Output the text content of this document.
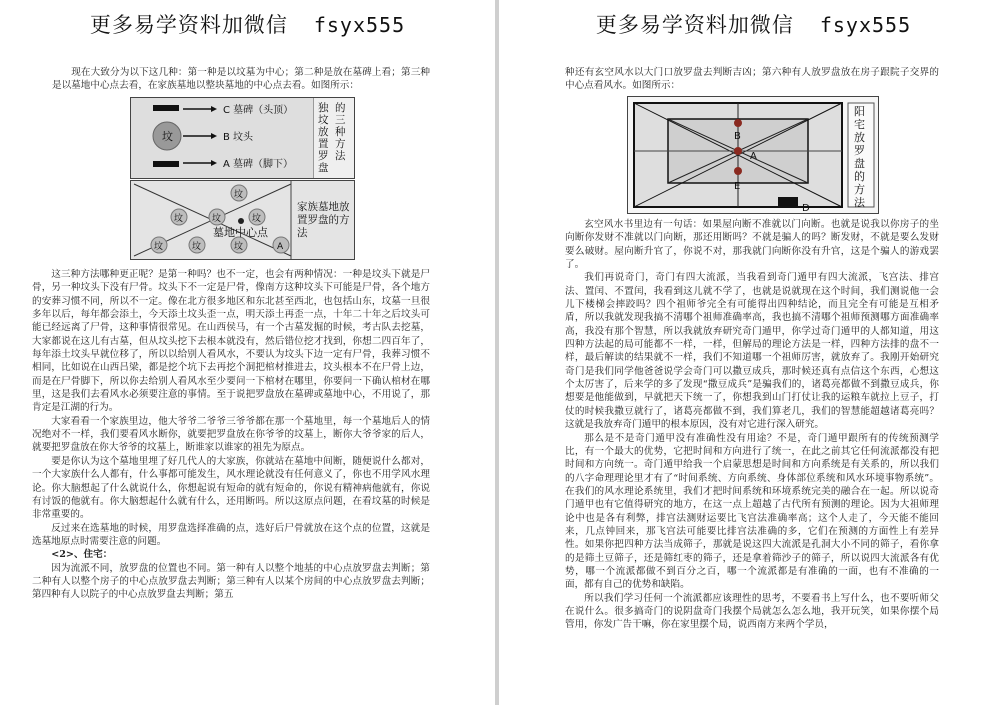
更多易学资料加微信 fsyx555

现在大致分为以下这几种：第一种是以坟墓为中心；第二种是放在墓碑上看；第三种是以墓地中心点去看，在家族墓地以整块墓地的中心点去看。如图所示：

坟
C 墓碑（头顶）
B 坟头
A 墓碑（脚下）
独坟放置罗盘
的三种方法
坟
坟	坟	坟
坟	坟	坟	A
墓地中心点
家族墓地放置罗盘的方法

这三种方法哪种更正呢？是第一种吗？也不一定，也会有两种情况：一种是坟头下就是尸骨，另一种坟头下没有尸骨。坟头下不一定是尸骨，像南方这种坟头下可能是尸骨，各个地方的安葬习惯不同，所以不一定。像在北方很多地区和东北甚至西北，也包括山东，坟墓一旦很多年以后，每年都会添土，今天添土坟头歪一点，明天添土再歪一点，十年二十年之后坟头可能已经远离了尸骨，这种事情很常见。在山西侯马，有一个古墓发掘的时候，考古队去挖墓，大家都说在这儿有古墓，但从坟头挖下去根本就没有，然后错位挖才找到，你想二四百年了，每年添土坟头早就位移了，所以以给别人看风水，不要认为坟头下边一定有尸骨，我葬习惯不相同，比如说在山西吕梁，都是挖个坑下去再挖个洞把棺材推进去，坟头根本不在尸骨上边，而是在尸骨脚下，所以你去给别人看风水至少要问一下棺材在哪里，你要问一下确认棺材在哪里，这是我们去看风水必须要注意的事情。至于说把罗盘放在墓碑或墓地中心，不用说了，那肯定是江湖的行为。

大家看看一个家族里边，他大爷爷二爷爷三爷爷都在那一个墓地里，每一个墓地后人的情况绝对不一样，我们要看风水断你，就要把罗盘放在你爷爷的坟墓上，断你大爷爷家的后人，就要把罗盘放在你大爷爷的坟墓上，断谁家以谁家的祖先为原点。

要是你认为这个墓地里埋了好几代人的大家族，你就站在墓地中间断，随便说什么都对，一个大家族什么人都有，什么事都可能发生，风水理论就没有任何意义了，你也不用学风水理论。你大脑想起了什么就说什么，你想起说有短命的就有短命的，你说有精神病他就有，你说有讨饭的他就有。你大脑想起什么就有什么，还用断吗。所以这原点问题，在看坟墓的时候是非常重要的。

反过来在选墓地的时候，用罗盘选择准确的点，选好后尸骨就放在这个点的位置，这就是选墓地原点时需要注意的问题。

<2>、住宅：

因为流派不同，放罗盘的位置也不同。第一种有人以整个地基的中心点放罗盘去判断；第二种有人以整个房子的中心点放罗盘去判断；第三种有人以某个房间的中心点放罗盘去判断；第四种有人以院子的中心点放罗盘去判断；第五

更多易学资料加微信 fsyx555

种还有玄空风水以大门口放罗盘去判断吉凶；第六种有人放罗盘放在房子跟院子交界的中心点看风水。如图所示：

B
A
E
D
阳宅放罗盘的方法

玄空风水书里边有一句话：如果屋向断不准就以门向断。也就是说我以你房子的坐向断你发财不准就以门向断，那还用断吗？不就是骗人的吗？断发财，不就是要么发财要么破财。屋向断升官了，你说不对，那我就门向断你没有升官，这是个骗人的游戏罢了。

我们再说奇门，奇门有四大流派，当我看到奇门遁甲有四大流派，飞宫法、排宫法、置闰、不置闰，我看到这儿就不学了，也就是说就现在这个时间，我们测说他一会儿下楼梯会摔跤吗？四个祖师爷完全有可能得出四种结论，而且完全有可能是互相矛盾，所以我就发现我搞不清哪个祖师准确率高，我也搞不清哪个祖师预测哪方面准确率高，我没有那个智慧，所以我就放弃研究奇门遁甲，你学过奇门遁甲的人都知道，用这四种方法起的局可能都不一样，一样，但解局的理论方法是一样，四种方法排的盘不一样，最后解读的结果就不一样，我们不知道哪一个祖师厉害，就放弃了。我刚开始研究奇门是我们同学他爸爸说学会奇门可以撒豆成兵，那时候还真有点信这个东西，心想这个太厉害了，后来学的多了发现“撒豆成兵”是骗我们的，诸葛亮都做不到撒豆成兵，你想要是他能做到，早就把天下统一了，你想我到山门打仗让我的运粮车就拉上豆子，打仗的时候我撒豆就行了，诸葛亮都做不到，我们算老几，我们的智慧能超越诸葛亮吗？这就是我放弃奇门遁甲的根本原因，没有对它进行深入研究。

那么是不是奇门遁甲没有准确性没有用途？不是，奇门遁甲跟所有的传统预测学比，有一个最大的优势，它把时间和方向进行了统一，在此之前其它任何流派都没有把时间和方向统一。奇门遁甲给我一个启蒙思想是时间和方向系统是有关系的，所以我们的八字命理理论里才有了“时间系统、方向系统、身体部位系统和风水环境事物系统”。在我们的风水理论系统里，我们才把时间系统和环境系统完美的融合在一起。所以说奇门遁甲也有它值得研究的地方，在这一点上超越了古代所有预测的理论。因为大祖师理论中也是各有利弊，排宫法测财运要比飞宫法准确率高；这个人走了，今天能不能回来，几点钟回来，那飞宫法可能要比排宫法准确的多，它们在预测的方面性上有差异性。如果你把四种方法当成筛子，那就是说这四大流派是孔洞大小不同的筛子，看你拿的是筛土豆筛子，还是筛红枣的筛子，还是拿着筛沙子的筛子，所以说四大流派各有优势，哪一个流派都做不到百分之百，哪一个流派都是有准确的一面，也有不准确的一面，都有自己的优势和缺陷。

所以我们学习任何一个流派都应该理性的思考，不要看书上写什么，也不要听师父在说什么。很多搞奇门的说阴盘奇门我摆个局就怎么怎么地，我开玩笑，如果你摆个局管用，你发广告干嘛，你在家里摆个局，说西南方来两个学员，
